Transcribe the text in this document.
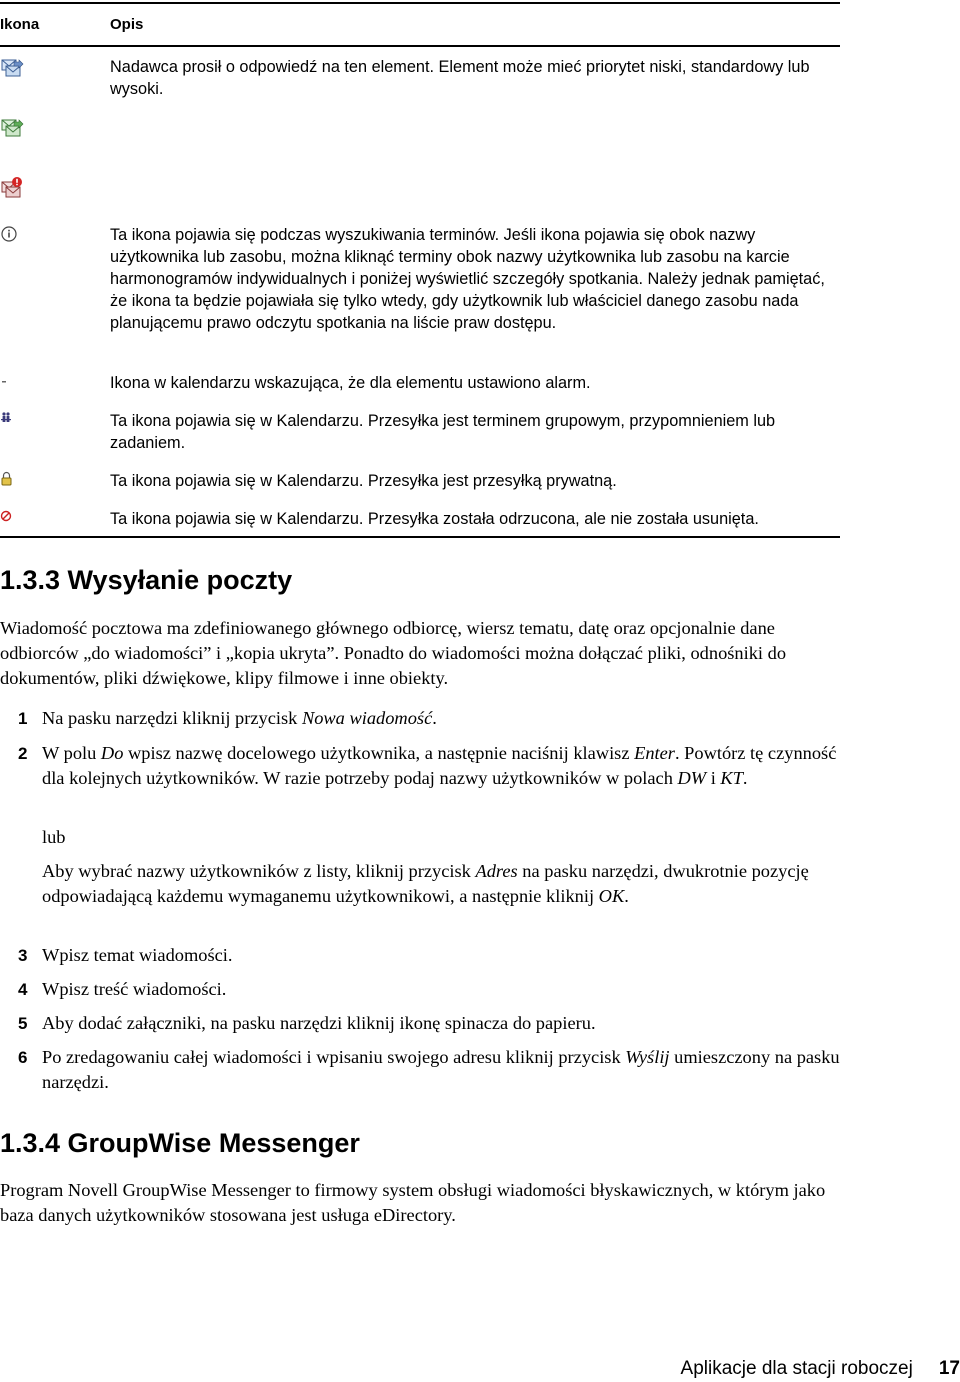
Ikona	Opis

Nadawca prosił o odpowiedź na ten element. Element może mieć priorytet niski, standardowy lub wysoki.

Ta ikona pojawia się podczas wyszukiwania terminów. Jeśli ikona pojawia się obok nazwy użytkownika lub zasobu, można kliknąć terminy obok nazwy użytkownika lub zasobu na karcie harmonogramów indywidualnych i poniżej wyświetlić szczegóły spotkania. Należy jednak pamiętać, że ikona ta będzie pojawiała się tylko wtedy, gdy użytkownik lub właściciel danego zasobu nada planującemu prawo odczytu spotkania na liście praw dostępu.

Ikona w kalendarzu wskazująca, że dla elementu ustawiono alarm.

Ta ikona pojawia się w Kalendarzu. Przesyłka jest terminem grupowym, przypomnieniem lub zadaniem.

Ta ikona pojawia się w Kalendarzu. Przesyłka jest przesyłką prywatną.

Ta ikona pojawia się w Kalendarzu. Przesyłka została odrzucona, ale nie została usunięta.

1.3.3 Wysyłanie poczty

Wiadomość pocztowa ma zdefiniowanego głównego odbiorcę, wiersz tematu, datę oraz opcjonalnie dane odbiorców „do wiadomości” i „kopia ukryta”. Ponadto do wiadomości można dołączać pliki, odnośniki do dokumentów, pliki dźwiękowe, klipy filmowe i inne obiekty.

1 Na pasku narzędzi kliknij przycisk Nowa wiadomość.

2 W polu Do wpisz nazwę docelowego użytkownika, a następnie naciśnij klawisz Enter. Powtórz tę czynność dla kolejnych użytkowników. W razie potrzeby podaj nazwy użytkowników w polach DW i KT.

lub

Aby wybrać nazwy użytkowników z listy, kliknij przycisk Adres na pasku narzędzi, dwukrotnie pozycję odpowiadającą każdemu wymaganemu użytkownikowi, a następnie kliknij OK.

3 Wpisz temat wiadomości.

4 Wpisz treść wiadomości.

5 Aby dodać załączniki, na pasku narzędzi kliknij ikonę spinacza do papieru.

6 Po zredagowaniu całej wiadomości i wpisaniu swojego adresu kliknij przycisk Wyślij umieszczony na pasku narzędzi.

1.3.4 GroupWise Messenger

Program Novell GroupWise Messenger to firmowy system obsługi wiadomości błyskawicznych, w którym jako baza danych użytkowników stosowana jest usługa eDirectory.

Aplikacje dla stacji roboczej 17
